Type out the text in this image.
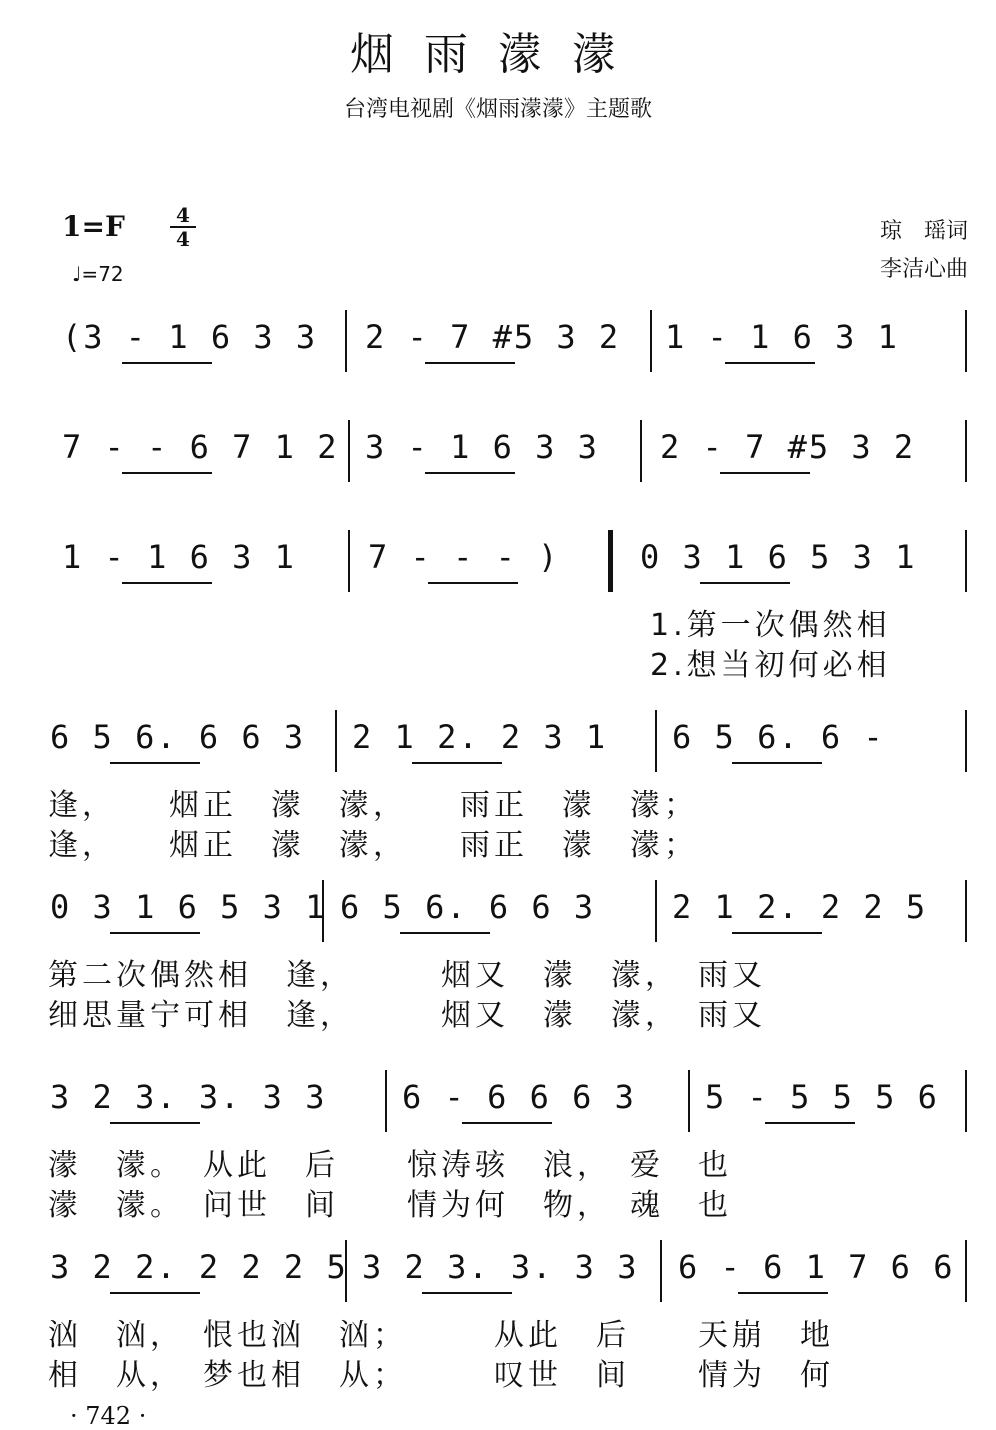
烟雨濛濛
台湾电视剧《烟雨濛濛》主题歌
1=F	4
4
♩=72
琼　瑶词
李洁心曲
(3 - 1 6 3 3 2 - 7 #5 3 2 1 - 1 6 3 1
7 - - 6 7 1 2 3 - 1 6 3 3 2 - 7 #5 3 2
1 - 1 6 3 1 7 - - - )	0 3 1 6 5 3 1
1.第一次偶然相
2.想当初何必相
6 5 6. 6 6 3 2 1 2. 2 3 1 6 5 6. 6 -
逢，　　烟正　濛　濛，　　雨正　濛　濛；
逢，　　烟正　濛　濛，　　雨正　濛　濛；
0 3 1 6 5 3 1 6 5 6. 6 6 3 2 1 2. 2 2 5
第二次偶然相　逢，　　　烟又　濛　濛，　雨又
细思量宁可相　逢，　　　烟又　濛　濛，　雨又
3 2 3. 3. 3 3 6 - 6 6 6 3 5 - 5 5 5 6
濛　濛。　从此　后　　惊涛骇　浪，　爱　也
濛　濛。　问世　间　　情为何　物，　魂　也
3 2 2. 2 2 2 5 3 2 3. 3. 3 3 6 - 6 1 7 6 6
汹　汹，　恨也汹　汹；　　　从此　后　　天崩　地
相　从，　梦也相　从；　　　叹世　间　　情为　何
· 742 ·
